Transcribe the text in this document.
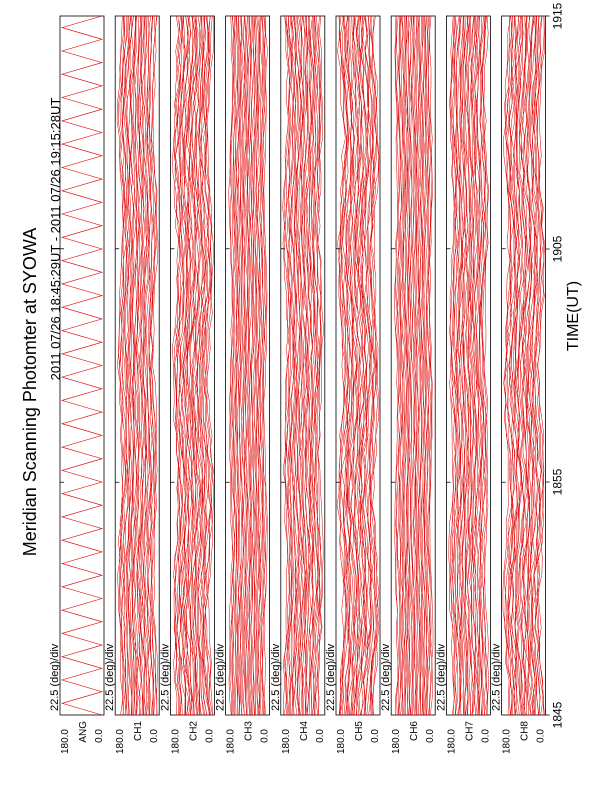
Meridian Scanning Photomter at SYOWA 2011 07/26 18:45:29UT - 2011 07/26 19:15:28UT
22.5 (deg)/div
180.0 0.0
ANG
22.5 (deg)/div
180.0 0.0
CH1
22.5 (deg)/div
180.0 0.0
CH2
22.5 (deg)/div
180.0 0.0
CH3
22.5 (deg)/div
180.0 0.0
CH4
22.5 (deg)/div
180.0 0.0
CH5
22.5 (deg)/div
180.0 0.0
CH6
22.5 (deg)/div
180.0 0.0
CH7
22.5 (deg)/div
180.0 0.0
CH8
1845
1855
1905
1915
TIME(UT)
